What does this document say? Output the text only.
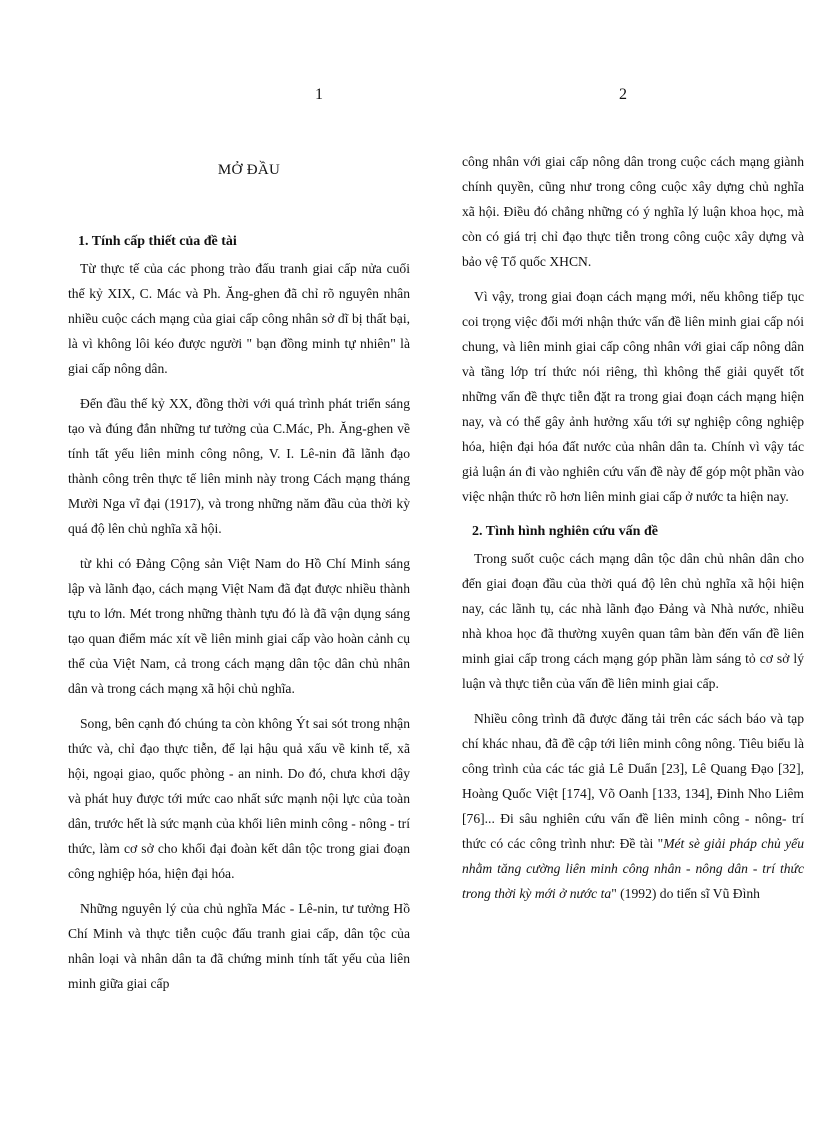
1
MỞ ĐẦU
1. Tính cấp thiết của đề tài

Từ thực tế của các phong trào đấu tranh giai cấp nửa cuối thế kỷ XIX, C. Mác và Ph. Ăng-ghen đã chỉ rõ nguyên nhân nhiều cuộc cách mạng của giai cấp công nhân sở dĩ bị thất bại, là vì không lôi kéo được người " bạn đồng minh tự nhiên" là giai cấp nông dân.

Đến đầu thế kỷ XX, đồng thời với quá trình phát triển sáng tạo và đúng đắn những tư tưởng của C.Mác, Ph. Ăng-ghen về tính tất yếu liên minh công nông, V. I. Lê-nin đã lãnh đạo thành công trên thực tế liên minh này trong Cách mạng tháng Mười Nga vĩ đại (1917), và trong những năm đầu của thời kỳ quá độ lên chủ nghĩa xã hội.

từ khi có Đảng Cộng sản Việt Nam do Hồ Chí Minh sáng lập và lãnh đạo, cách mạng Việt Nam đã đạt được nhiều thành tựu to lớn. Mét trong những thành tựu đó là đã vận dụng sáng tạo quan điểm mác xít về liên minh giai cấp vào hoàn cảnh cụ thể của Việt Nam, cả trong cách mạng dân tộc dân chủ nhân dân và trong cách mạng xã hội chủ nghĩa.

Song, bên cạnh đó chúng ta còn không Ýt sai sót trong nhận thức và, chỉ đạo thực tiễn, để lại hậu quả xấu về kinh tế, xã hội, ngoại giao, quốc phòng - an ninh. Do đó, chưa khơi dậy và phát huy được tới mức cao nhất sức mạnh nội lực của toàn dân, trước hết là sức mạnh của khối liên minh công - nông - trí thức, làm cơ sở cho khối đại đoàn kết dân tộc trong giai đoạn công nghiệp hóa, hiện đại hóa.

Những nguyên lý của chủ nghĩa Mác - Lê-nin, tư tưởng Hồ Chí Minh và thực tiễn cuộc đấu tranh giai cấp, dân tộc của nhân loại và nhân dân ta đã chứng minh tính tất yếu của liên minh giữa giai cấp

2

công nhân với giai cấp nông dân trong cuộc cách mạng giành chính quyền, cũng như trong công cuộc xây dựng chủ nghĩa xã hội. Điều đó chẳng những có ý nghĩa lý luận khoa học, mà còn có giá trị chỉ đạo thực tiễn trong công cuộc xây dựng và bảo vệ Tổ quốc XHCN.

Vì vậy, trong giai đoạn cách mạng mới, nếu không tiếp tục coi trọng việc đổi mới nhận thức vấn đề liên minh giai cấp nói chung, và liên minh giai cấp công nhân với giai cấp nông dân và tầng lớp trí thức nói riêng, thì không thể giải quyết tốt những vấn đề thực tiễn đặt ra trong giai đoạn cách mạng hiện nay, và có thể gây ảnh hưởng xấu tới sự nghiệp công nghiệp hóa, hiện đại hóa đất nước của nhân dân ta. Chính vì vậy tác giả luận án đi vào nghiên cứu vấn đề này để góp một phần vào việc nhận thức rõ hơn liên minh giai cấp ở nước ta hiện nay.

2. Tình hình nghiên cứu vấn đề

Trong suốt cuộc cách mạng dân tộc dân chủ nhân dân cho đến giai đoạn đầu của thời quá độ lên chủ nghĩa xã hội hiện nay, các lãnh tụ, các nhà lãnh đạo Đảng và Nhà nước, nhiều nhà khoa học đã thường xuyên quan tâm bàn đến vấn đề liên minh giai cấp trong cách mạng góp phần làm sáng tỏ cơ sở lý luận và thực tiễn của vấn đề liên minh giai cấp.

Nhiều công trình đã được đăng tải trên các sách báo và tạp chí khác nhau, đã đề cập tới liên minh công nông. Tiêu biểu là công trình của các tác giả Lê Duẩn [23], Lê Quang Đạo [32], Hoàng Quốc Việt [174], Võ Oanh [133, 134], Đinh Nho Liêm [76]... Đi sâu nghiên cứu vấn đề liên minh công - nông- trí thức có các công trình như: Đề tài "Mét sè giải pháp chủ yếu nhằm tăng cường liên minh công nhân - nông dân - trí thức trong thời kỳ mới ở nước ta" (1992) do tiến sĩ Vũ Đình
